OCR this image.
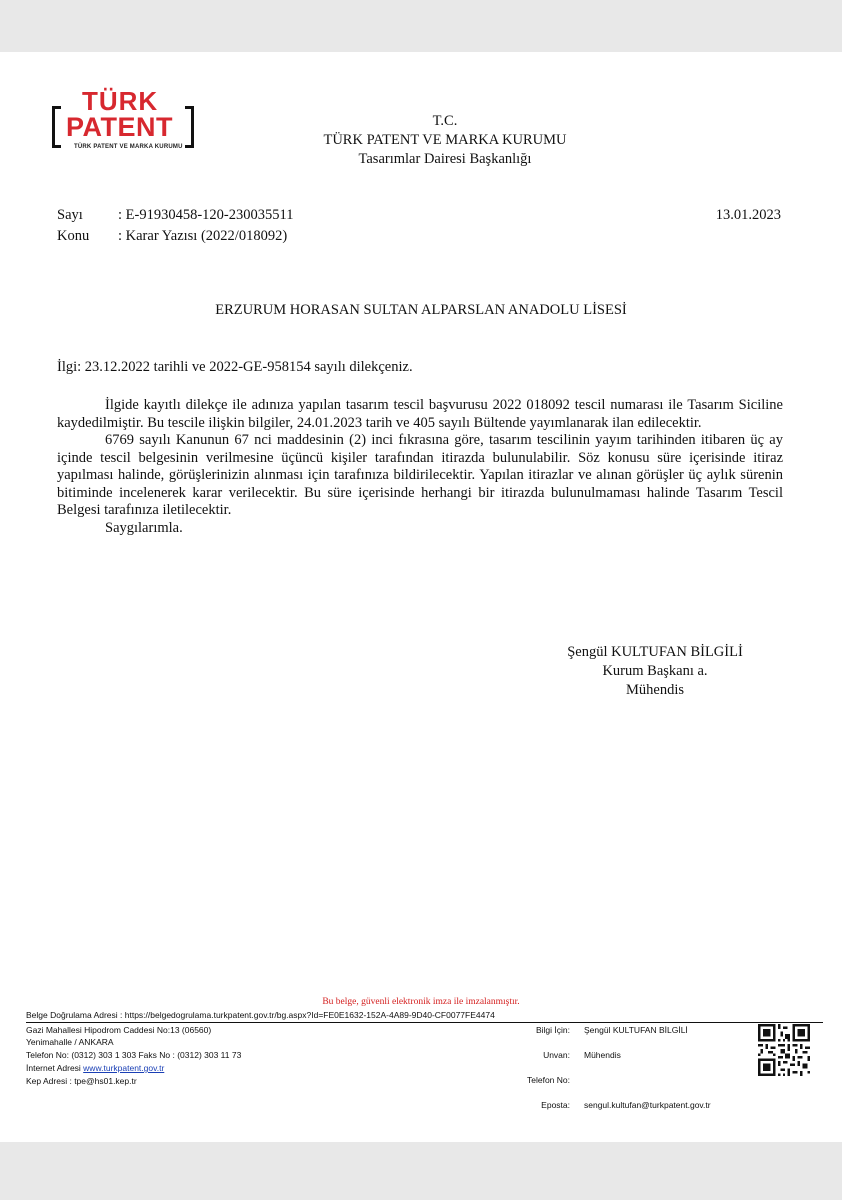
TÜRK
PATENT
TÜRK PATENT VE MARKA KURUMU
T.C.
TÜRK PATENT VE MARKA KURUMU
Tasarımlar Dairesi Başkanlığı
Sayı : E-91930458-120-230035511
Konu : Karar Yazısı (2022/018092)
13.01.2023
ERZURUM HORASAN SULTAN ALPARSLAN ANADOLU LİSESİ
İlgi: 23.12.2022 tarihli ve 2022-GE-958154 sayılı dilekçeniz.

İlgide kayıtlı dilekçe ile adınıza yapılan tasarım tescil başvurusu 2022 018092 tescil numarası ile Tasarım Siciline kaydedilmiştir. Bu tescile ilişkin bilgiler, 24.01.2023 tarih ve 405 sayılı Bültende yayımlanarak ilan edilecektir.

6769 sayılı Kanunun 67 nci maddesinin (2) inci fıkrasına göre, tasarım tescilinin yayım tarihinden itibaren üç ay içinde tescil belgesinin verilmesine üçüncü kişiler tarafından itirazda bulunulabilir. Söz konusu süre içerisinde itiraz yapılması halinde, görüşlerinizin alınması için tarafınıza bildirilecektir. Yapılan itirazlar ve alınan görüşler üç aylık sürenin bitiminde incelenerek karar verilecektir. Bu süre içerisinde herhangi bir itirazda bulunulmaması halinde Tasarım Tescil Belgesi tarafınıza iletilecektir.

Saygılarımla.

Şengül KULTUFAN BİLGİLİ
Kurum Başkanı a.
Mühendis
Bu belge, güvenli elektronik imza ile imzalanmıştır.
Belge Doğrulama Adresi : https://belgedogrulama.turkpatent.gov.tr/bg.aspx?Id=FE0E1632-152A-4A89-9D40-CF0077FE4474
Gazi Mahallesi Hipodrom Caddesi No:13 (06560)
Yenimahalle / ANKARA
Telefon No: (0312) 303 1 303 Faks No : (0312) 303 11 73
İnternet Adresi www.turkpatent.gov.tr
Kep Adresi : tpe@hs01.kep.tr
Bilgi İçin: Şengül KULTUFAN BİLGİLİ
Unvan: Mühendis
Telefon No:
Eposta: sengul.kultufan@turkpatent.gov.tr
